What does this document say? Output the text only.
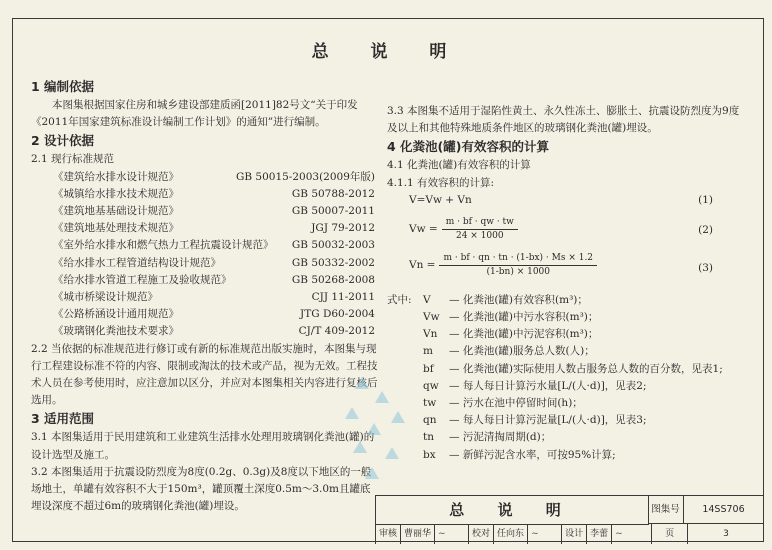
总 说 明
1 编制依据

本图集根据国家住房和城乡建设部建质函[2011]82号文“关于印发《2011年国家建筑标准设计编制工作计划》的通知”进行编制。

2 设计依据

2.1 现行标准规范

《建筑给水排水设计规范》	GB 50015-2003(2009年版)
《城镇给水排水技术规范》	GB 50788-2012
《建筑地基基础设计规范》	GB 50007-2011
《建筑地基处理技术规范》	JGJ 79-2012
《室外给水排水和燃气热力工程抗震设计规范》 GB 50032-2003
《给水排水工程管道结构设计规范》	GB 50332-2002
《给水排水管道工程施工及验收规范》	GB 50268-2008
《城市桥梁设计规范》	CJJ 11-2011
《公路桥涵设计通用规范》	JTG D60-2004
《玻璃钢化粪池技术要求》	CJ/T 409-2012

2.2 当依据的标准规范进行修订或有新的标准规范出版实施时，本图集与现行工程建设标准不符的内容、限制或淘汰的技术或产品，视为无效。工程技术人员在参考使用时，应注意加以区分，并应对本图集相关内容进行复核后选用。

3 适用范围

3.1 本图集适用于民用建筑和工业建筑生活排水处理用玻璃钢化粪池(罐)的设计选型及施工。

3.2 本图集适用于抗震设防烈度为8度(0.2g、0.3g)及8度以下地区的一般场地土，单罐有效容积不大于150m³，罐顶覆土深度0.5m～3.0m且罐底埋设深度不超过6m的玻璃钢化粪池(罐)埋设。

3.3 本图集不适用于湿陷性黄土、永久性冻土、膨胀土、抗震设防烈度为9度及以上和其他特殊地质条件地区的玻璃钢化粪池(罐)埋设。

4 化粪池(罐)有效容积的计算

4.1 化粪池(罐)有效容积的计算

4.1.1 有效容积的计算:

V=Vw + Vn	(1)
$Vw = \frac{m \cdot bf \cdot qw \cdot tw}{24 \times 1000}$	(2)
$Vn = \frac{m \cdot bf \cdot qn \cdot tn \cdot (1-bx) \cdot Ms \times 1.2}{(1-bn) \times 1000}$	(3)
式中:	V	— 化粪池(罐)有效容积(m³)；
Vw — 化粪池(罐)中污水容积(m³)；
Vn	— 化粪池(罐)中污泥容积(m³)；
m	— 化粪池(罐)服务总人数(人)；
bf	— 化粪池(罐)实际使用人数占服务总人数的百分数，见表1;
qw — 每人每日计算污水量[L/(人·d)]，见表2;
tw	— 污水在池中停留时间(h)；
qn	— 每人每日计算污泥量[L/(人·d)]，见表3;
tn	— 污泥清掏周期(d)；
bx	— 新鲜污泥含水率，可按95%计算;
总 说 明	图集号	14SS706
审核 曹丽华 ~	校对 任向东 ~	设计 李蕾 ~	页	3
